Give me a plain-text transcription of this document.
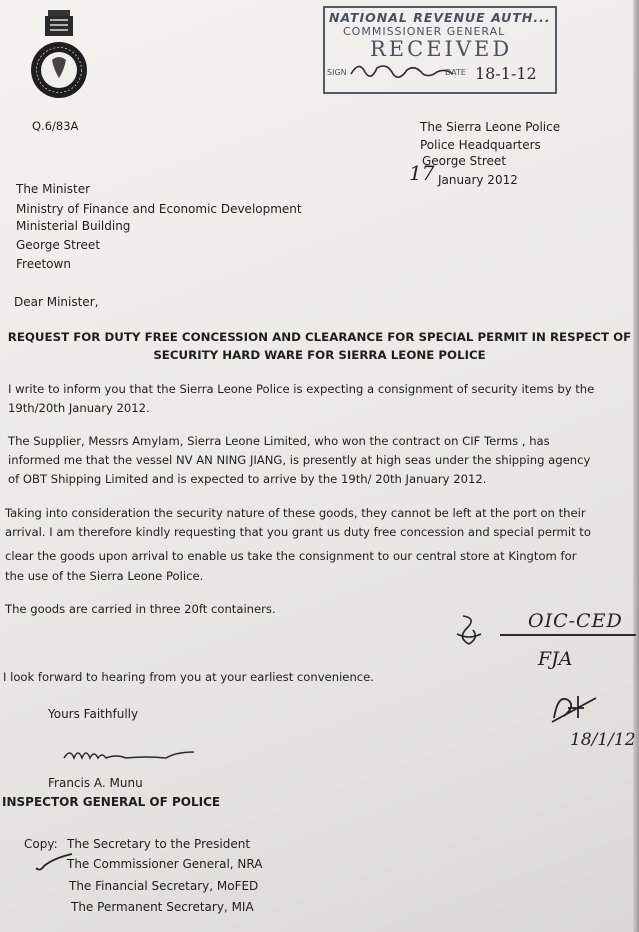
NATIONAL REVENUE AUTH...
COMMISSIONER GENERAL
RECEIVED
SIGN	DATE 18-1-12
Q.6/83A	The Sierra Leone Police
Police Headquarters
George Street
17 January 2012
The Minister
Ministry of Finance and Economic Development
Ministerial Building
George Street
Freetown
Dear Minister,
REQUEST FOR DUTY FREE CONCESSION AND CLEARANCE FOR SPECIAL PERMIT IN RESPECT OF
SECURITY HARD WARE FOR SIERRA LEONE POLICE
I write to inform you that the Sierra Leone Police is expecting a consignment of security items by the
19th/20th January 2012.
The Supplier, Messrs Amylam, Sierra Leone Limited, who won the contract on CIF Terms , has
informed me that the vessel NV AN NING JIANG, is presently at high seas under the shipping agency
of OBT Shipping Limited and is expected to arrive by the 19th/ 20th January 2012.
Taking into consideration the security nature of these goods, they cannot be left at the port on their
arrival. I am therefore kindly requesting that you grant us duty free concession and special permit to
clear the goods upon arrival to enable us take the consignment to our central store at Kingtom for
the use of the Sierra Leone Police.
The goods are carried in three 20ft containers.
I look forward to hearing from you at your earliest convenience.
OIC-CED
FJA
18/1/12
Yours Faithfully
Francis A. Munu
INSPECTOR GENERAL OF POLICE
Copy: The Secretary to the President
The Commissioner General, NRA
The Financial Secretary, MoFED
The Permanent Secretary, MIA
